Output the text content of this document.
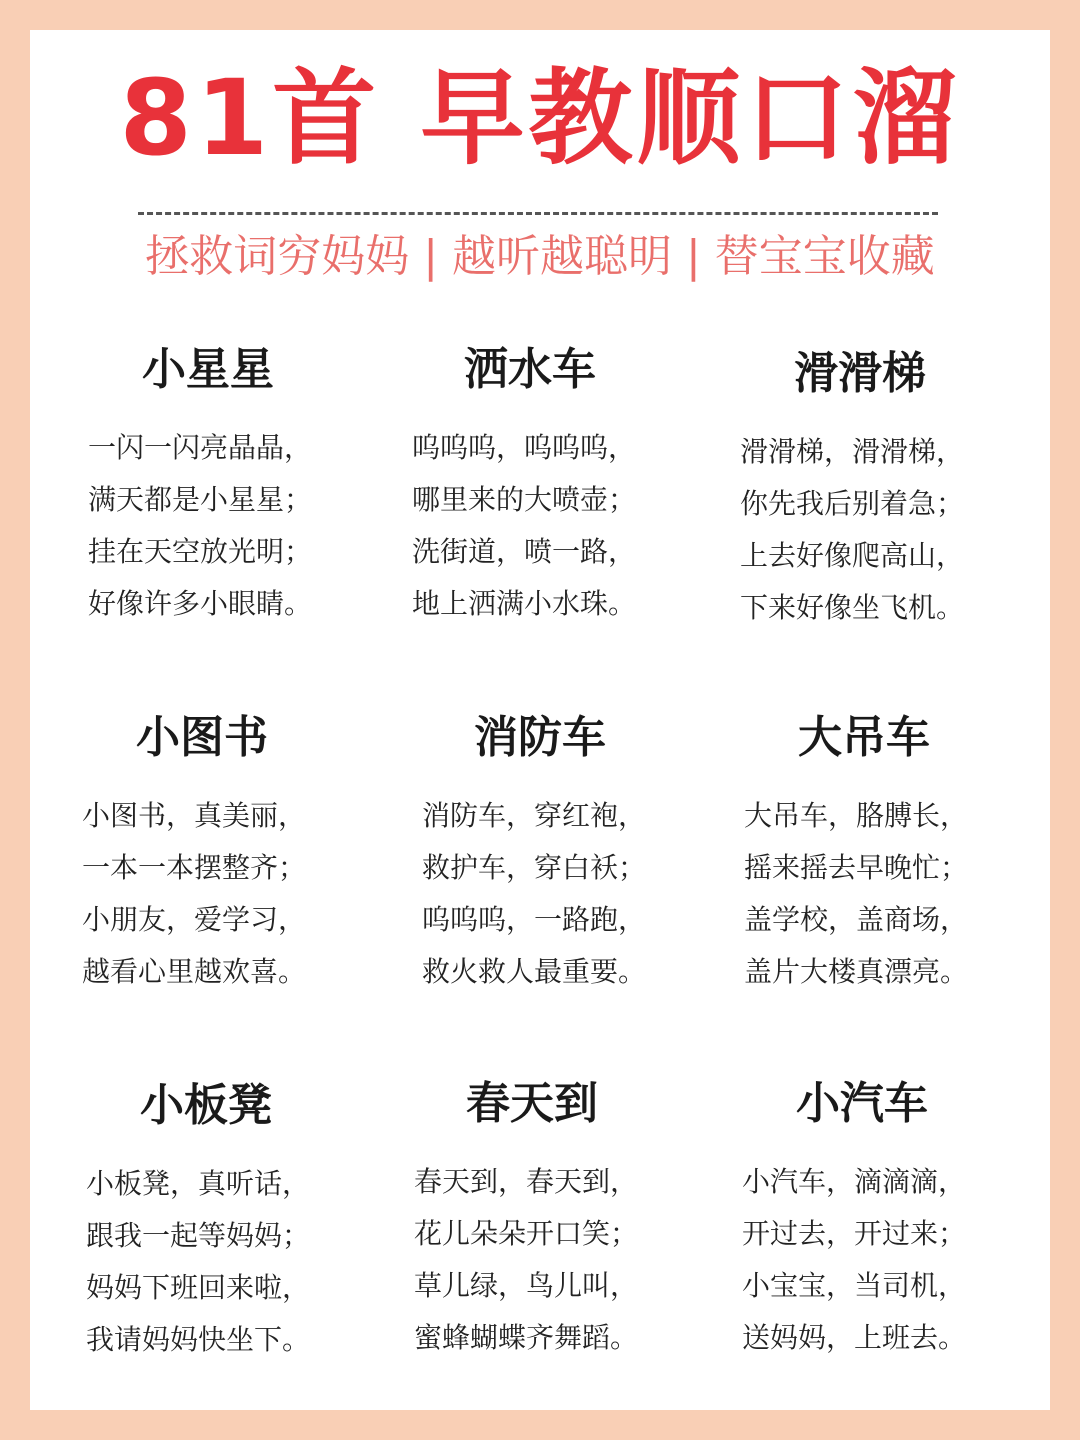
81首 早教顺口溜
拯救词穷妈妈 | 越听越聪明 | 替宝宝收藏
小星星
一闪一闪亮晶晶，
满天都是小星星；
挂在天空放光明；
好像许多小眼睛。
洒水车
呜呜呜，呜呜呜，
哪里来的大喷壶；
洗街道，喷一路，
地上洒满小水珠。
滑滑梯
滑滑梯，滑滑梯，
你先我后别着急；
上去好像爬高山，
下来好像坐飞机。
小图书
小图书，真美丽，
一本一本摆整齐；
小朋友，爱学习，
越看心里越欢喜。
消防车
消防车，穿红袍，
救护车，穿白袄；
呜呜呜，一路跑，
救火救人最重要。
大吊车
大吊车，胳膊长，
摇来摇去早晚忙；
盖学校，盖商场，
盖片大楼真漂亮。
小板凳
小板凳，真听话，
跟我一起等妈妈；
妈妈下班回来啦，
我请妈妈快坐下。
春天到
春天到，春天到，
花儿朵朵开口笑；
草儿绿，鸟儿叫，
蜜蜂蝴蝶齐舞蹈。
小汽车
小汽车，滴滴滴，
开过去，开过来；
小宝宝，当司机，
送妈妈，上班去。
